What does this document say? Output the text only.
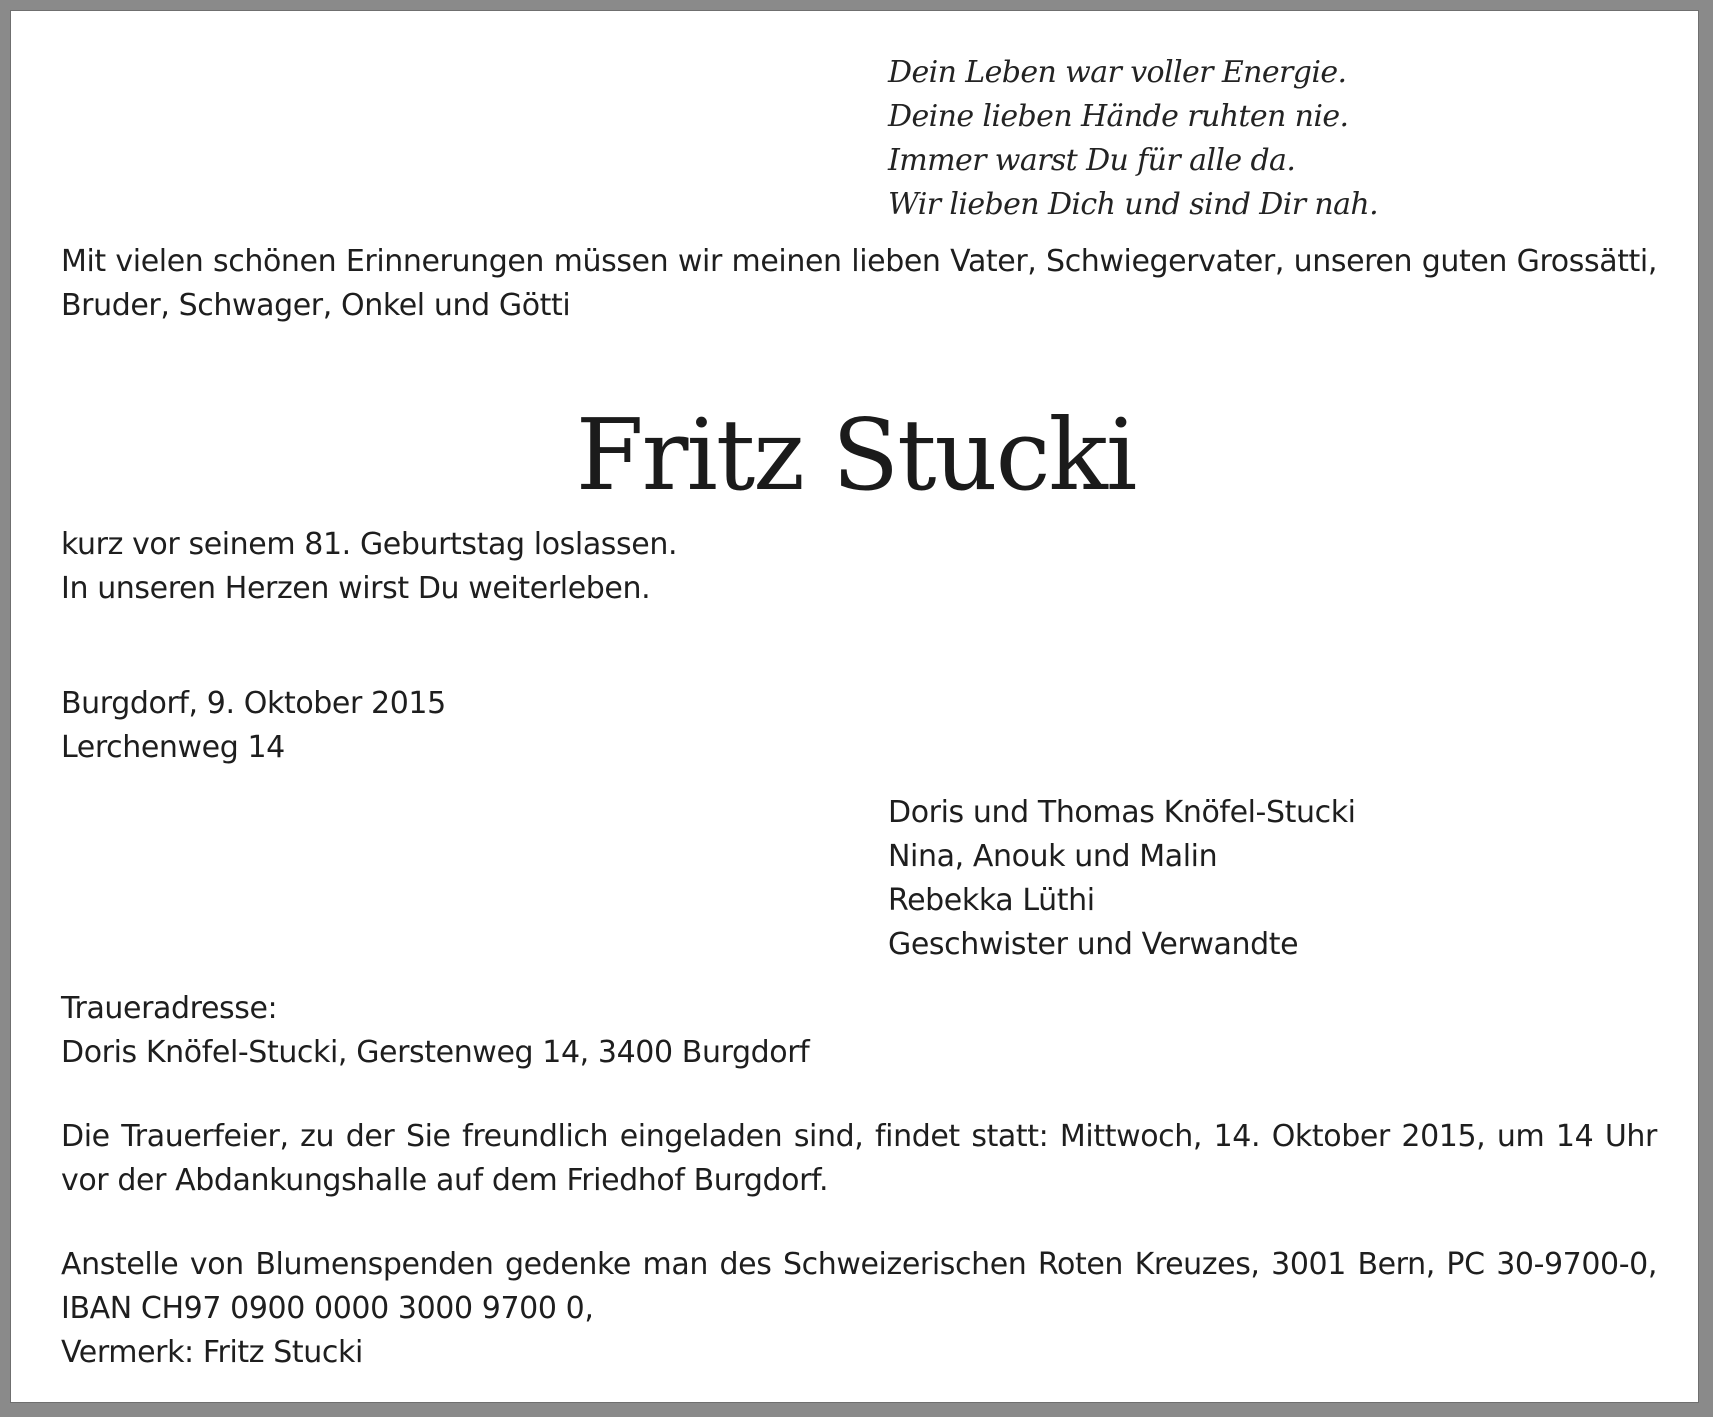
Dein Leben war voller Energie.
Deine lieben Hände ruhten nie.
Immer warst Du für alle da.
Wir lieben Dich und sind Dir nah.
Mit vielen schönen Erinnerungen müssen wir meinen lieben Vater, Schwiegervater, unseren guten Grossätti,
Bruder, Schwager, Onkel und Götti
Fritz Stucki
kurz vor seinem 81. Geburtstag loslassen.
In unseren Herzen wirst Du weiterleben.
Burgdorf, 9. Oktober 2015
Lerchenweg 14
Doris und Thomas Knöfel-Stucki
Nina, Anouk und Malin
Rebekka Lüthi
Geschwister und Verwandte
Traueradresse:
Doris Knöfel-Stucki, Gerstenweg 14, 3400 Burgdorf
Die Trauerfeier, zu der Sie freundlich eingeladen sind, findet statt: Mittwoch, 14. Oktober 2015, um 14 Uhr
vor der Abdankungshalle auf dem Friedhof Burgdorf.
Anstelle von Blumenspenden gedenke man des Schweizerischen Roten Kreuzes, 3001 Bern, PC 30-9700-0,
IBAN CH97 0900 0000 3000 9700 0,
Vermerk: Fritz Stucki
